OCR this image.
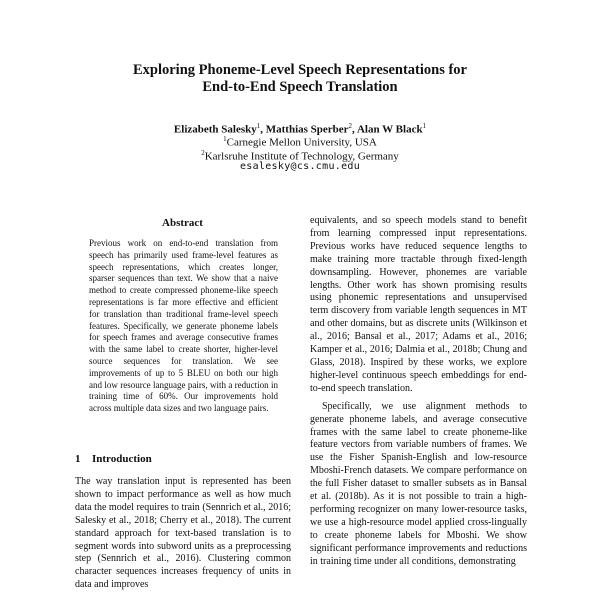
Exploring Phoneme-Level Speech Representations for
End-to-End Speech Translation
Elizabeth Salesky$^1$, Matthias Sperber$^2$, Alan W Black$^1$
$^1$Carnegie Mellon University, USA
$^2$Karlsruhe Institute of Technology, Germany
esalesky@cs.cmu.edu
Abstract
Previous work on end-to-end translation from speech has primarily used frame-level features as speech representations, which creates longer, sparser sequences than text. We show that a naive method to create compressed phoneme-like speech representations is far more effective and efficient for translation than traditional frame-level speech features. Specifically, we generate phoneme labels for speech frames and average consecutive frames with the same label to create shorter, higher-level source sequences for translation. We see improvements of up to 5 BLEU on both our high and low resource language pairs, with a reduction in training time of 60%. Our improvements hold across multiple data sizes and two language pairs.
1 Introduction

The way translation input is represented has been shown to impact performance as well as how much data the model requires to train (Sennrich et al., 2016; Salesky et al., 2018; Cherry et al., 2018). The current standard approach for text-based translation is to segment words into subword units as a preprocessing step (Sennrich et al., 2016). Clustering common character sequences increases frequency of units in data and improves

equivalents, and so speech models stand to benefit from learning compressed input representations. Previous works have reduced sequence lengths to make training more tractable through fixed-length downsampling. However, phonemes are variable lengths. Other work has shown promising results using phonemic representations and unsupervised term discovery from variable length sequences in MT and other domains, but as discrete units (Wilkinson et al., 2016; Bansal et al., 2017; Adams et al., 2016; Kamper et al., 2016; Dalmia et al., 2018b; Chung and Glass, 2018). Inspired by these works, we explore higher-level continuous speech embeddings for end-to-end speech translation.

Specifically, we use alignment methods to generate phoneme labels, and average consecutive frames with the same label to create phoneme-like feature vectors from variable numbers of frames. We use the Fisher Spanish-English and low-resource Mboshi-French datasets. We compare performance on the full Fisher dataset to smaller subsets as in Bansal et al. (2018b). As it is not possible to train a high-performing recognizer on many lower-resource tasks, we use a high-resource model applied cross-lingually to create phoneme labels for Mboshi. We show significant performance improvements and reductions in training time under all conditions, demonstrating
